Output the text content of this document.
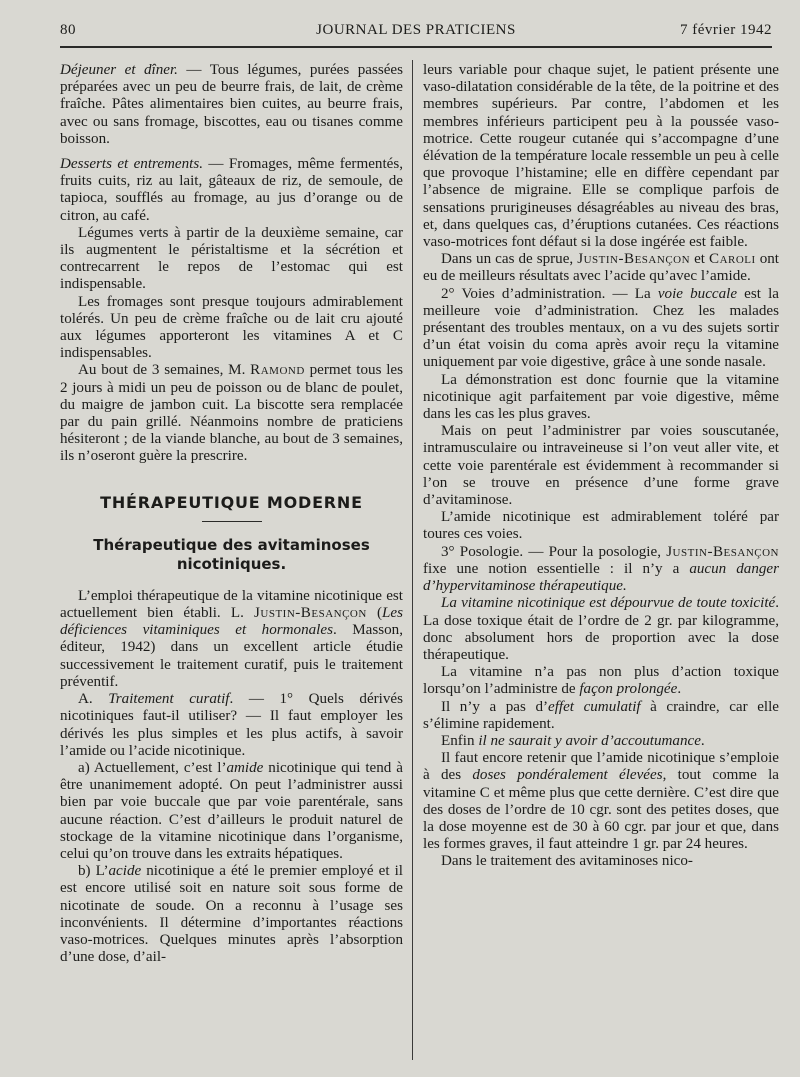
80	JOURNAL DES PRATICIENS	7 février 1942

Déjeuner et dîner. — Tous légumes, purées passées préparées avec un peu de beurre frais, de lait, de crème fraîche. Pâtes alimentaires bien cuites, au beurre frais, avec ou sans fromage, biscottes, eau ou tisanes comme boisson.

Desserts et entrements. — Fromages, même fermentés, fruits cuits, riz au lait, gâteaux de riz, de semoule, de tapioca, soufflés au fromage, au jus d’orange ou de citron, au café.

Légumes verts à partir de la deuxième semaine, car ils augmentent le péristaltisme et la sécrétion et contrecarrent le repos de l’estomac qui est indispensable.

Les fromages sont presque toujours admirablement tolérés. Un peu de crème fraîche ou de lait cru ajouté aux légumes apporteront les vitamines A et C indispensables.

Au bout de 3 semaines, M. Ramond permet tous les 2 jours à midi un peu de poisson ou de blanc de poulet, du maigre de jambon cuit. La biscotte sera remplacée par du pain grillé. Néanmoins nombre de praticiens hésiteront ; de la viande blanche, au bout de 3 semaines, ils n’oseront guère la prescrire.

THÉRAPEUTIQUE MODERNE
Thérapeutique des avitaminoses nicotiniques.

L’emploi thérapeutique de la vitamine nicotinique est actuellement bien établi. L. Justin-Besançon (Les déficiences vitaminiques et hormonales. Masson, éditeur, 1942) dans un excellent article étudie successivement le traitement curatif, puis le traitement préventif.

A. Traitement curatif. — 1° Quels dérivés nicotiniques faut-il utiliser? — Il faut employer les dérivés les plus simples et les plus actifs, à savoir l’amide ou l’acide nicotinique.

a) Actuellement, c’est l’amide nicotinique qui tend à être unanimement adopté. On peut l’administrer aussi bien par voie buccale que par voie parentérale, sans aucune réaction. C’est d’ailleurs le produit naturel de stockage de la vitamine nicotinique dans l’organisme, celui qu’on trouve dans les extraits hépatiques.

b) L’acide nicotinique a été le premier employé et il est encore utilisé soit en nature soit sous forme de nicotinate de soude. On a reconnu à l’usage ses inconvénients. Il détermine d’importantes réactions vaso-motrices. Quelques minutes après l’absorption d’une dose, d’ail-

leurs variable pour chaque sujet, le patient présente une vaso-dilatation considérable de la tête, de la poitrine et des membres supérieurs. Par contre, l’abdomen et les membres inférieurs participent peu à la poussée vaso-motrice. Cette rougeur cutanée qui s’accompagne d’une élévation de la température locale ressemble un peu à celle que provoque l’histamine; elle en diffère cependant par l’absence de migraine. Elle se complique parfois de sensations prurigineuses désagréables au niveau des bras, et, dans quelques cas, d’éruptions cutanées. Ces réactions vaso-motrices font défaut si la dose ingérée est faible.

Dans un cas de sprue, Justin-Besançon et Caroli ont eu de meilleurs résultats avec l’acide qu’avec l’amide.

2° Voies d’administration. — La voie buccale est la meilleure voie d’administration. Chez les malades présentant des troubles mentaux, on a vu des sujets sortir d’un état voisin du coma après avoir reçu la vitamine uniquement par voie digestive, grâce à une sonde nasale.

La démonstration est donc fournie que la vitamine nicotinique agit parfaitement par voie digestive, même dans les cas les plus graves.

Mais on peut l’administrer par voies souscutanée, intramusculaire ou intraveineuse si l’on veut aller vite, et cette voie parentérale est évidemment à recommander si l’on se trouve en présence d’une forme grave d’avitaminose.

L’amide nicotinique est admirablement toléré par toures ces voies.

3° Posologie. — Pour la posologie, Justin-Besançon fixe une notion essentielle : il n’y a aucun danger d’hypervitaminose thérapeutique.

La vitamine nicotinique est dépourvue de toute toxicité. La dose toxique était de l’ordre de 2 gr. par kilogramme, donc absolument hors de proportion avec la dose thérapeutique.

La vitamine n’a pas non plus d’action toxique lorsqu’on l’administre de façon prolongée.

Il n’y a pas d’effet cumulatif à craindre, car elle s’élimine rapidement.

Enfin il ne saurait y avoir d’accoutumance.

Il faut encore retenir que l’amide nicotinique s’emploie à des doses pondéralement élevées, tout comme la vitamine C et même plus que cette dernière. C’est dire que des doses de l’ordre de 10 cgr. sont des petites doses, que la dose moyenne est de 30 à 60 cgr. par jour et que, dans les formes graves, il faut atteindre 1 gr. par 24 heures.

Dans le traitement des avitaminoses nico-
